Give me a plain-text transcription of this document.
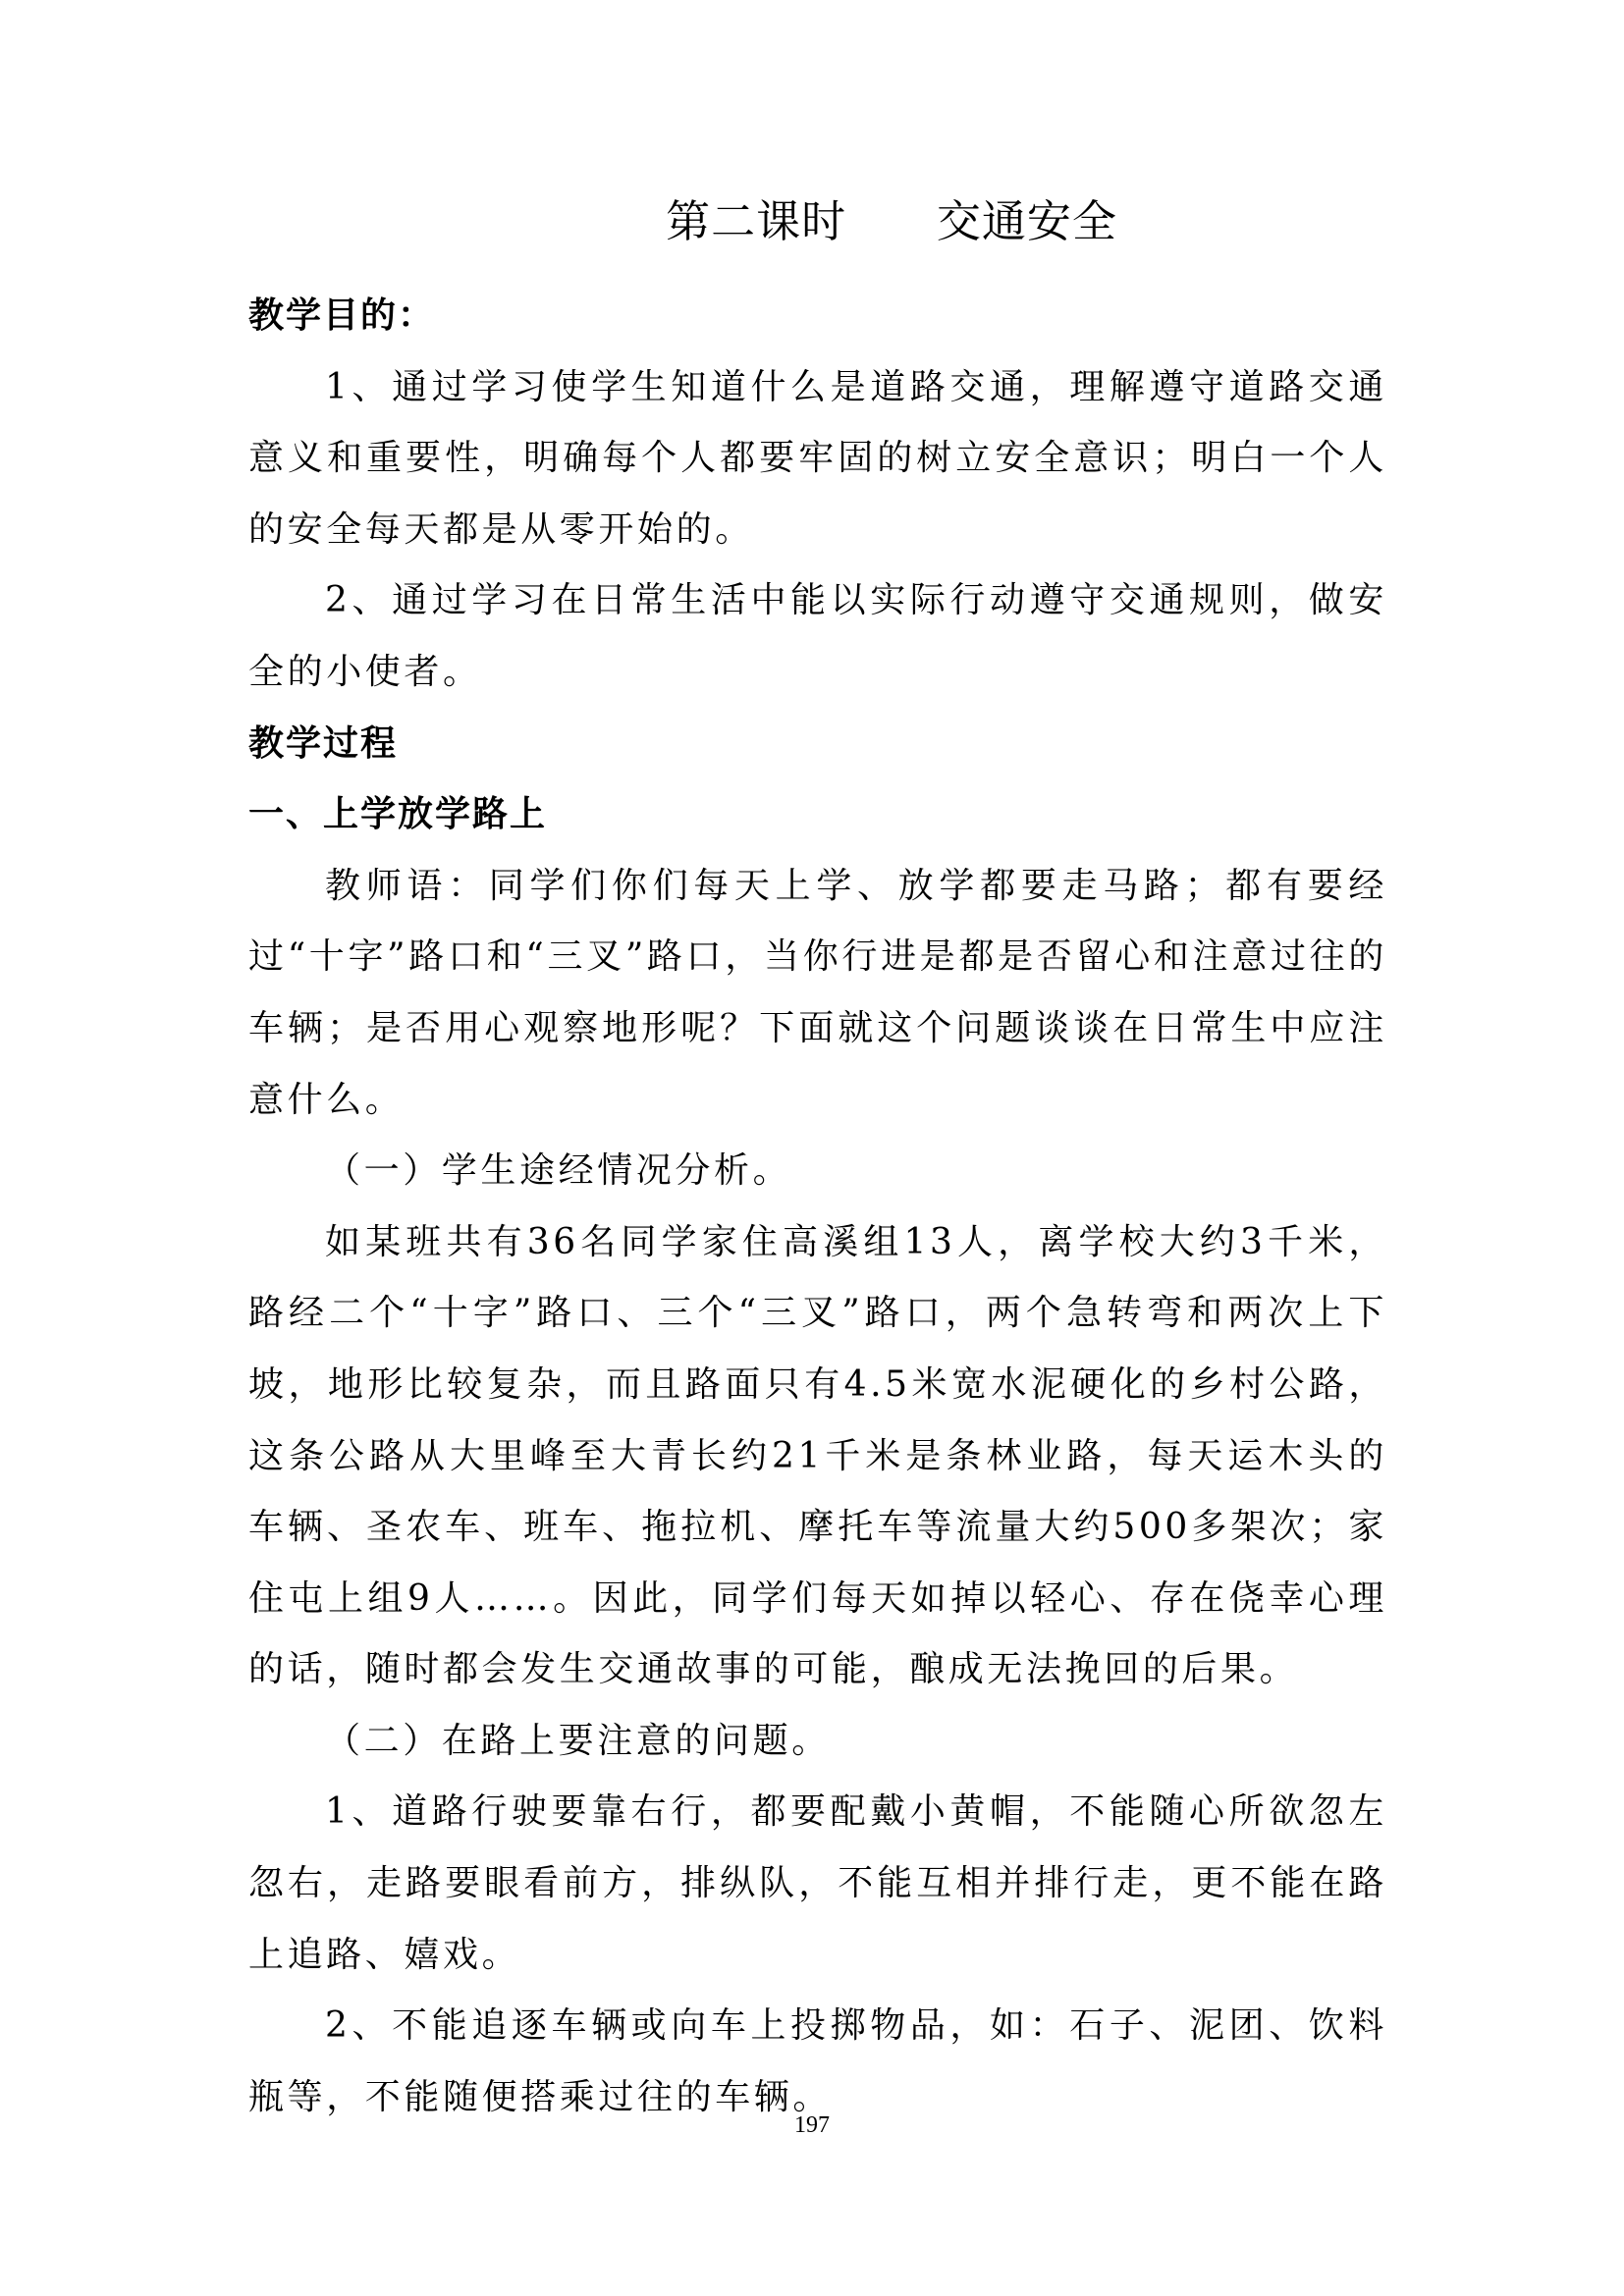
第二课时      交通安全

教学目的：

1、通过学习使学生知道什么是道路交通，理解遵守道路交通意义和重要性，明确每个人都要牢固的树立安全意识；明白一个人的安全每天都是从零开始的。

2、通过学习在日常生活中能以实际行动遵守交通规则，做安全的小使者。

教学过程

一、上学放学路上

教师语：同学们你们每天上学、放学都要走马路；都有要经过“十字”路口和“三叉”路口，当你行进是都是否留心和注意过往的车辆；是否用心观察地形呢？下面就这个问题谈谈在日常生中应注意什么。

（一）学生途经情况分析。

如某班共有36名同学家住高溪组13人，离学校大约3千米，路经二个“十字”路口、三个“三叉”路口，两个急转弯和两次上下坡，地形比较复杂，而且路面只有4.5米宽水泥硬化的乡村公路，这条公路从大里峰至大青长约21千米是条林业路，每天运木头的车辆、圣农车、班车、拖拉机、摩托车等流量大约500多架次；家住屯上组9人……。因此，同学们每天如掉以轻心、存在侥幸心理的话，随时都会发生交通故事的可能，酿成无法挽回的后果。

（二）在路上要注意的问题。

1、道路行驶要靠右行，都要配戴小黄帽，不能随心所欲忽左忽右，走路要眼看前方，排纵队，不能互相并排行走，更不能在路上追路、嬉戏。

2、不能追逐车辆或向车上投掷物品，如：石子、泥团、饮料瓶等，不能随便搭乘过往的车辆。

197
